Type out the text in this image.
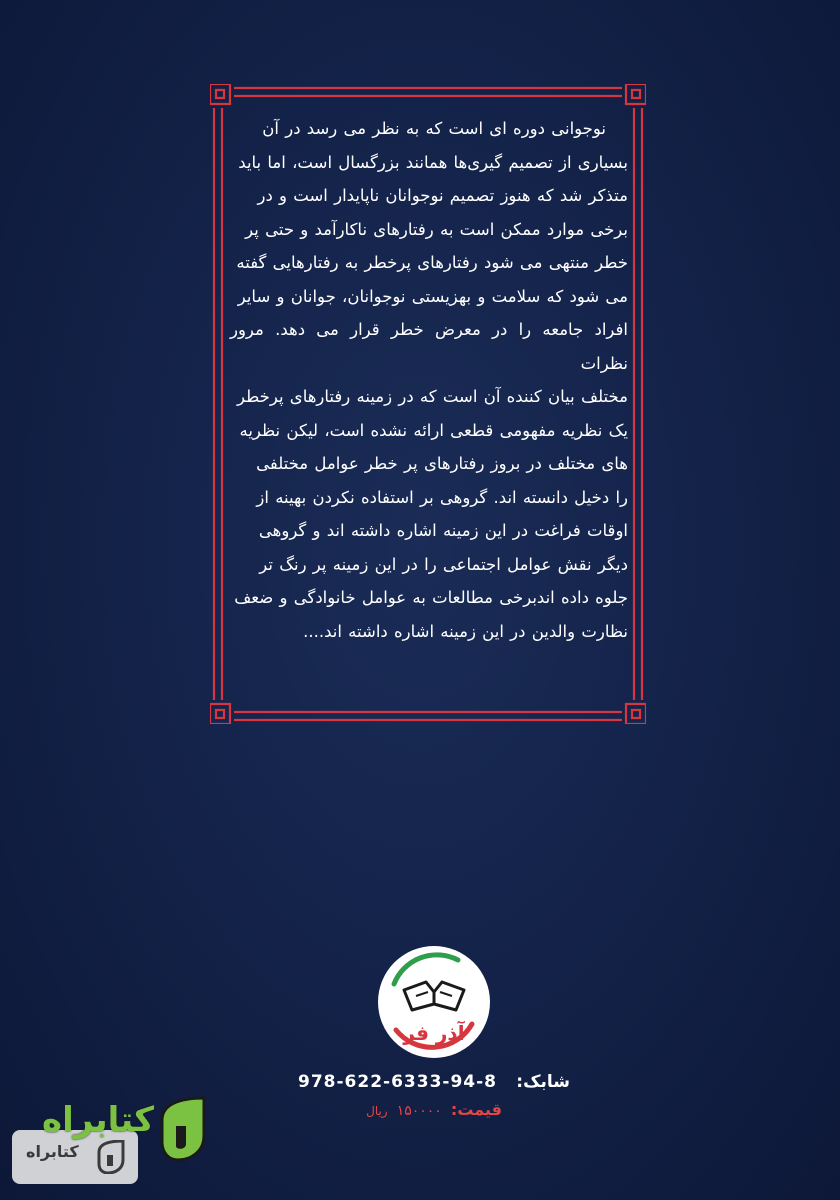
نوجوانی دوره ای است که به نظر می رسد در آن

بسیاری از تصمیم گیری‌ها همانند بزرگسال است، اما باید

متذکر شد که هنوز تصمیم نوجوانان ناپایدار است و در

برخی موارد ممکن است به رفتارهای ناکارآمد و حتی پر

خطر منتهی می شود رفتارهای پرخطر به رفتارهایی گفته

می شود که سلامت و بهزیستی نوجوانان، جوانان و سایر

افراد جامعه را در معرض خطر قرار می دهد. مرور نظرات

مختلف بیان کننده آن است که در زمینه رفتارهای پرخطر

یک نظریه مفهومی قطعی ارائه نشده است، لیکن نظریه

های مختلف در بروز رفتارهای پر خطر عوامل مختلفی

را دخیل دانسته اند. گروهی بر استفاده نکردن بهینه از

اوقات فراغت در این زمینه اشاره داشته اند و گروهی

دیگر نقش عوامل اجتماعی را در این زمینه پر رنگ تر

جلوه داده اندبرخی مطالعات به عوامل خانوادگی و ضعف

نظارت والدین در این زمینه اشاره داشته اند....

آذر فر
978-622-6333-94-8 شابک:
قیمت: ۱۵۰۰۰۰ ریال
کتابراه
کتابراه
